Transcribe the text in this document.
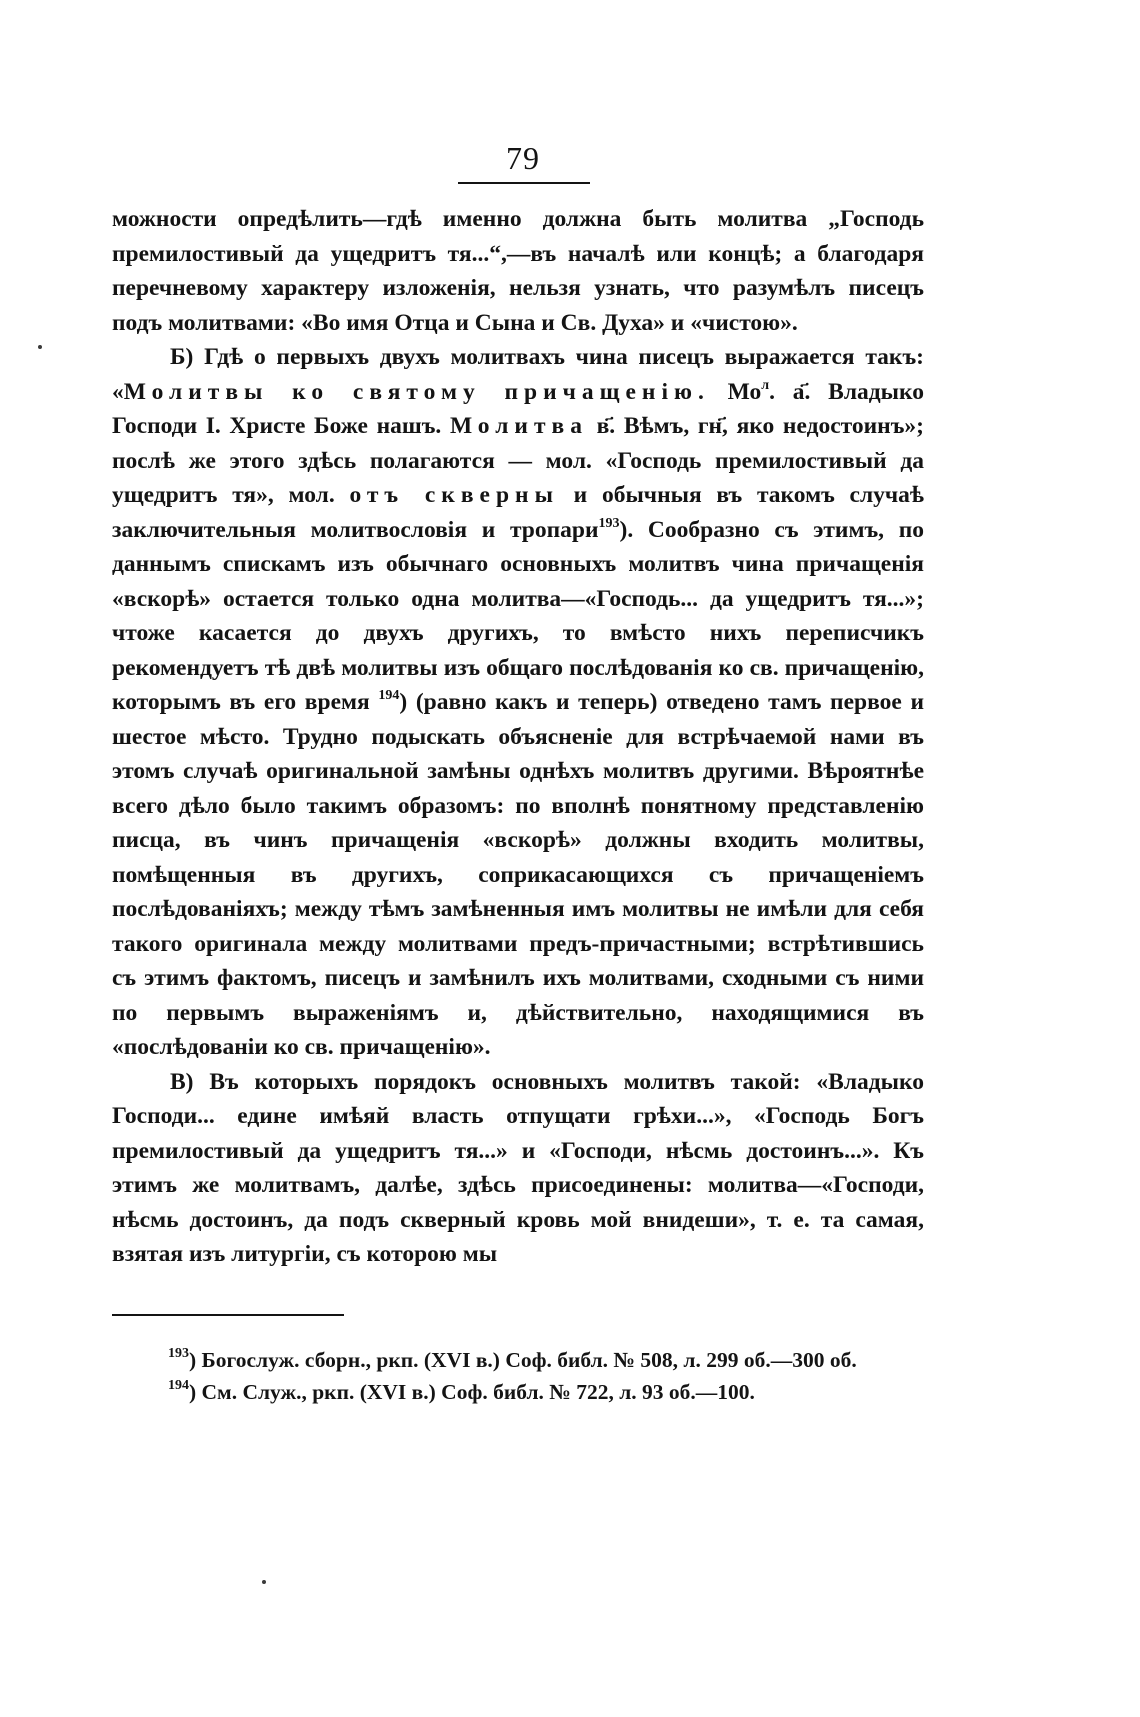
79

можности опредѣлить—гдѣ именно должна быть молитва „Господь премилостивый да ущедритъ тя...“,—въ началѣ или концѣ; а благодаря перечневому характеру изложенія, нельзя узнать, что разумѣлъ писецъ подъ молитвами: «Во имя Отца и Сына и Св. Духа» и «чистою».

Б) Гдѣ о первыхъ двухъ молитвахъ чина писецъ выражается такъ: «Молитвы ко святому причащенію. $Мо^л$. а҃. Владыко Господи І. Христе Боже нашъ. Молитва в҃. Вѣмъ, гн҃, яко недостоинъ»; послѣ же этого здѣсь полагаются — мол. «Господь премилостивый да ущедритъ тя», мол. отъ скверны и обычныя въ такомъ случаѣ заключительныя молитвословія и тропари$^{193}$). Сообразно съ этимъ, по даннымъ спискамъ изъ обычнаго основныхъ молитвъ чина причащенія «вскорѣ» остается только одна молитва—«Господь... да ущедритъ тя...»; чтоже касается до двухъ другихъ, то вмѣсто нихъ переписчикъ рекомендуетъ тѣ двѣ молитвы изъ общаго послѣдованія ко св. причащенію, которымъ въ его время $^{194}$) (равно какъ и теперь) отведено тамъ первое и шестое мѣсто. Трудно подыскать объясненіе для встрѣчаемой нами въ этомъ случаѣ оригинальной замѣны однѣхъ молитвъ другими. Вѣроятнѣе всего дѣло было такимъ образомъ: по вполнѣ понятному представленію писца, въ чинъ причащенія «вскорѣ» должны входить молитвы, помѣщенныя въ другихъ, соприкасающихся съ причащеніемъ послѣдованіяхъ; между тѣмъ замѣненныя имъ молитвы не имѣли для себя такого оригинала между молитвами предъ-причастными; встрѣтившись съ этимъ фактомъ, писецъ и замѣнилъ ихъ молитвами, сходными съ ними по первымъ выраженіямъ и, дѣйствительно, находящимися въ «послѣдованіи ко св. причащенію».

В) Въ которыхъ порядокъ основныхъ молитвъ такой: «Владыко Господи... едине имѣяй власть отпущати грѣхи...», «Господь Богъ премилостивый да ущедритъ тя...» и «Господи, нѣсмь достоинъ...». Къ этимъ же молитвамъ, далѣе, здѣсь присоединены: молитва—«Господи, нѣсмь достоинъ, да подъ скверный кровь мой внидеши», т. е. та самая, взятая изъ литургіи, съ которою мы

$^{193}$) Богослуж. сборн., ркп. (XVI в.) Соф. библ. № 508, л. 299 об.—300 об.

$^{194}$) См. Служ., ркп. (XVI в.) Соф. библ. № 722, л. 93 об.—100.
